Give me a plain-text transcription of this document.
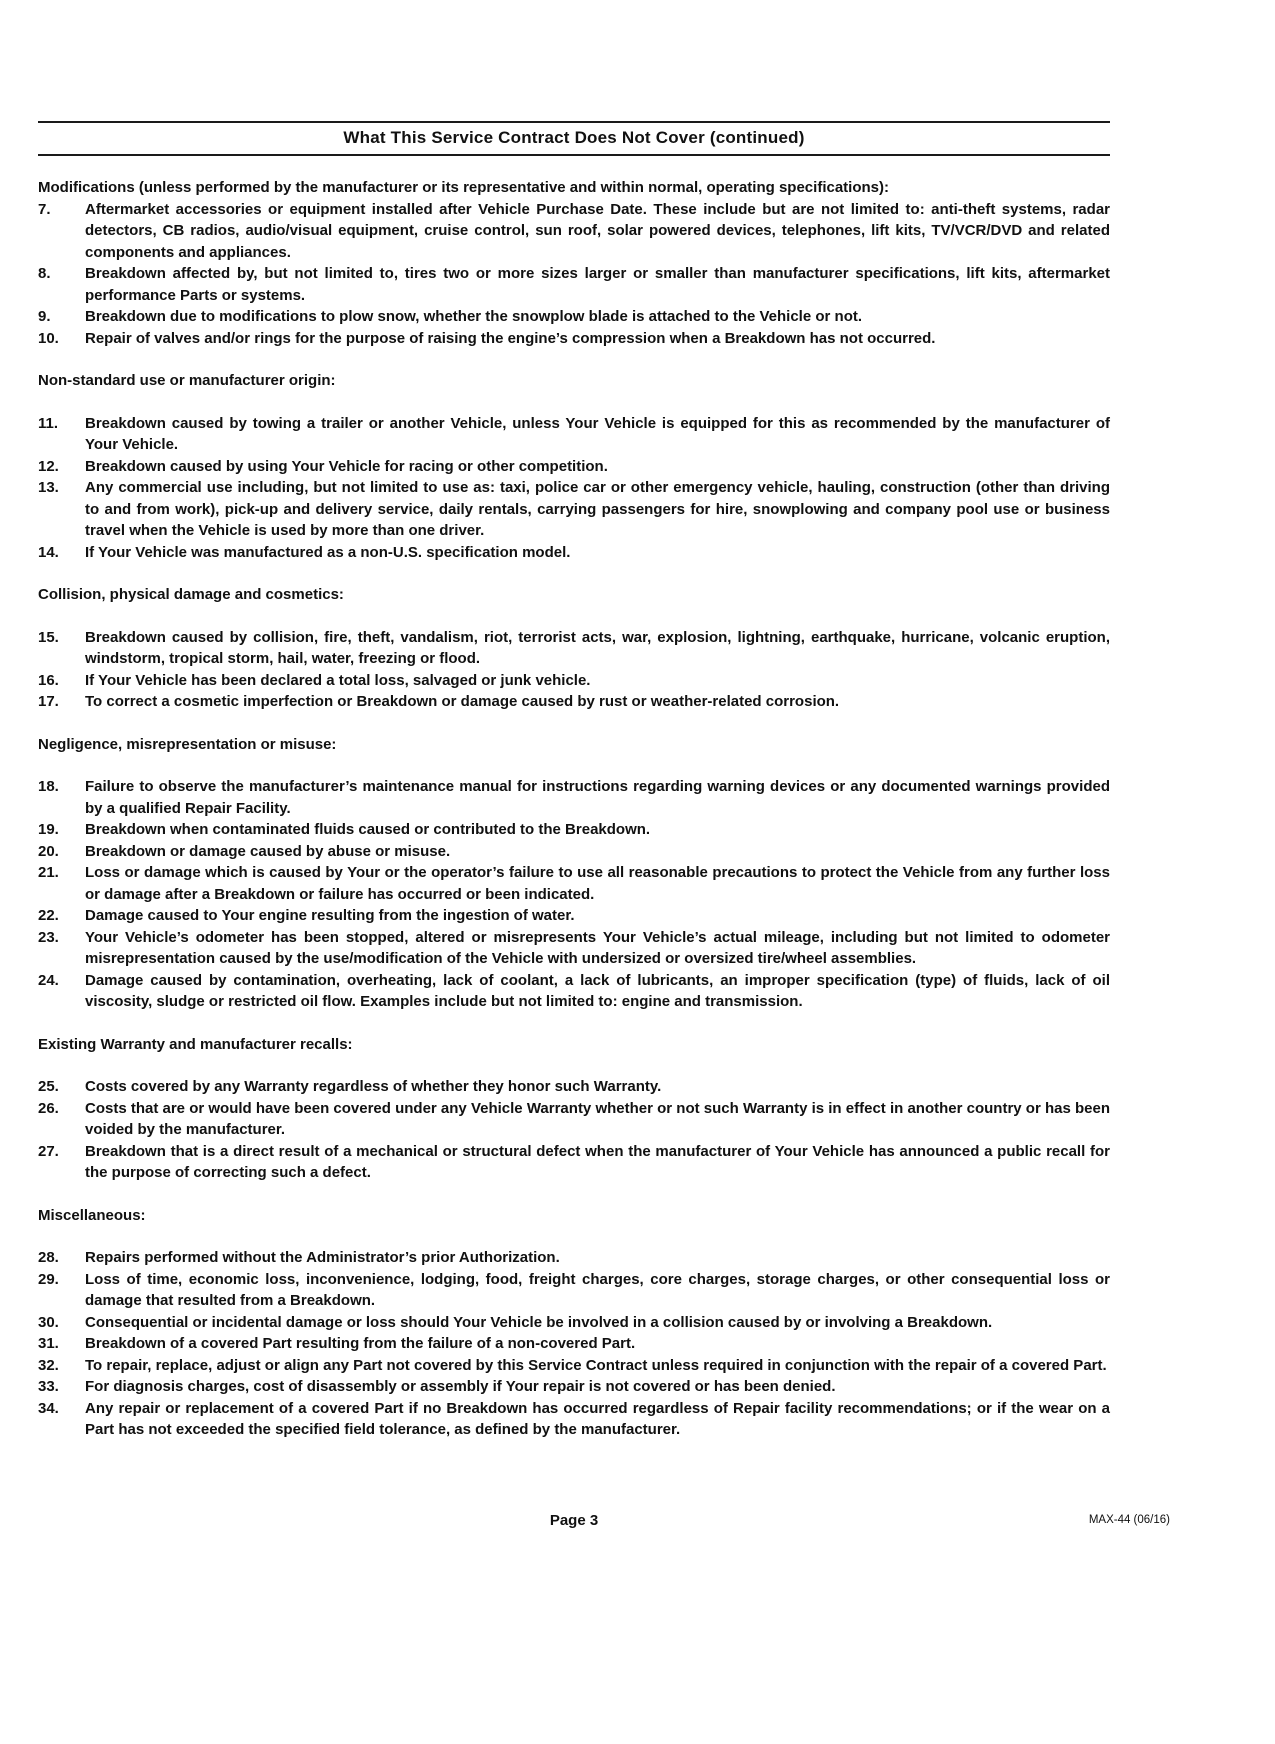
What This Service Contract Does Not Cover (continued)
Modifications (unless performed by the manufacturer or its representative and within normal, operating specifications):
7.	Aftermarket accessories or equipment installed after Vehicle Purchase Date. These include but are not limited to: anti-theft systems, radar detectors, CB radios, audio/visual equipment, cruise control, sun roof, solar powered devices, telephones, lift kits, TV/VCR/DVD and related components and appliances.
8.	Breakdown affected by, but not limited to, tires two or more sizes larger or smaller than manufacturer specifications, lift kits, aftermarket performance Parts or systems.
9.	Breakdown due to modifications to plow snow, whether the snowplow blade is attached to the Vehicle or not.
10.	Repair of valves and/or rings for the purpose of raising the engine’s compression when a Breakdown has not occurred.
Non-standard use or manufacturer origin:
11.	Breakdown caused by towing a trailer or another Vehicle, unless Your Vehicle is equipped for this as recommended by the manufacturer of Your Vehicle.
12.	Breakdown caused by using Your Vehicle for racing or other competition.
13.	Any commercial use including, but not limited to use as: taxi, police car or other emergency vehicle, hauling, construction (other than driving to and from work), pick-up and delivery service, daily rentals, carrying passengers for hire, snowplowing and company pool use or business travel when the Vehicle is used by more than one driver.
14.	If Your Vehicle was manufactured as a non-U.S. specification model.
Collision, physical damage and cosmetics:
15.	Breakdown caused by collision, fire, theft, vandalism, riot, terrorist acts, war, explosion, lightning, earthquake, hurricane, volcanic eruption, windstorm, tropical storm, hail, water, freezing or flood.
16.	If Your Vehicle has been declared a total loss, salvaged or junk vehicle.
17.	To correct a cosmetic imperfection or Breakdown or damage caused by rust or weather-related corrosion.
Negligence, misrepresentation or misuse:
18.	Failure to observe the manufacturer’s maintenance manual for instructions regarding warning devices or any documented warnings provided by a qualified Repair Facility.
19.	Breakdown when contaminated fluids caused or contributed to the Breakdown.
20.	Breakdown or damage caused by abuse or misuse.
21.	Loss or damage which is caused by Your or the operator’s failure to use all reasonable precautions to protect the Vehicle from any further loss or damage after a Breakdown or failure has occurred or been indicated.
22.	Damage caused to Your engine resulting from the ingestion of water.
23.	Your Vehicle’s odometer has been stopped, altered or misrepresents Your Vehicle’s actual mileage, including but not limited to odometer misrepresentation caused by the use/modification of the Vehicle with undersized or oversized tire/wheel assemblies.
24.	Damage caused by contamination, overheating, lack of coolant, a lack of lubricants, an improper specification (type) of fluids, lack of oil viscosity, sludge or restricted oil flow. Examples include but not limited to: engine and transmission.
Existing Warranty and manufacturer recalls:
25.	Costs covered by any Warranty regardless of whether they honor such Warranty.
26.	Costs that are or would have been covered under any Vehicle Warranty whether or not such Warranty is in effect in another country or has been voided by the manufacturer.
27.	Breakdown that is a direct result of a mechanical or structural defect when the manufacturer of Your Vehicle has announced a public recall for the purpose of correcting such a defect.
Miscellaneous:
28.	Repairs performed without the Administrator’s prior Authorization.
29.	Loss of time, economic loss, inconvenience, lodging, food, freight charges, core charges, storage charges, or other consequential loss or damage that resulted from a Breakdown.
30.	Consequential or incidental damage or loss should Your Vehicle be involved in a collision caused by or involving a Breakdown.
31.	Breakdown of a covered Part resulting from the failure of a non-covered Part.
32.	To repair, replace, adjust or align any Part not covered by this Service Contract unless required in conjunction with the repair of a covered Part.
33.	For diagnosis charges, cost of disassembly or assembly if Your repair is not covered or has been denied.
34.	Any repair or replacement of a covered Part if no Breakdown has occurred regardless of Repair facility recommendations; or if the wear on a Part has not exceeded the specified field tolerance, as defined by the manufacturer.
Page 3	MAX-44 (06/16)
